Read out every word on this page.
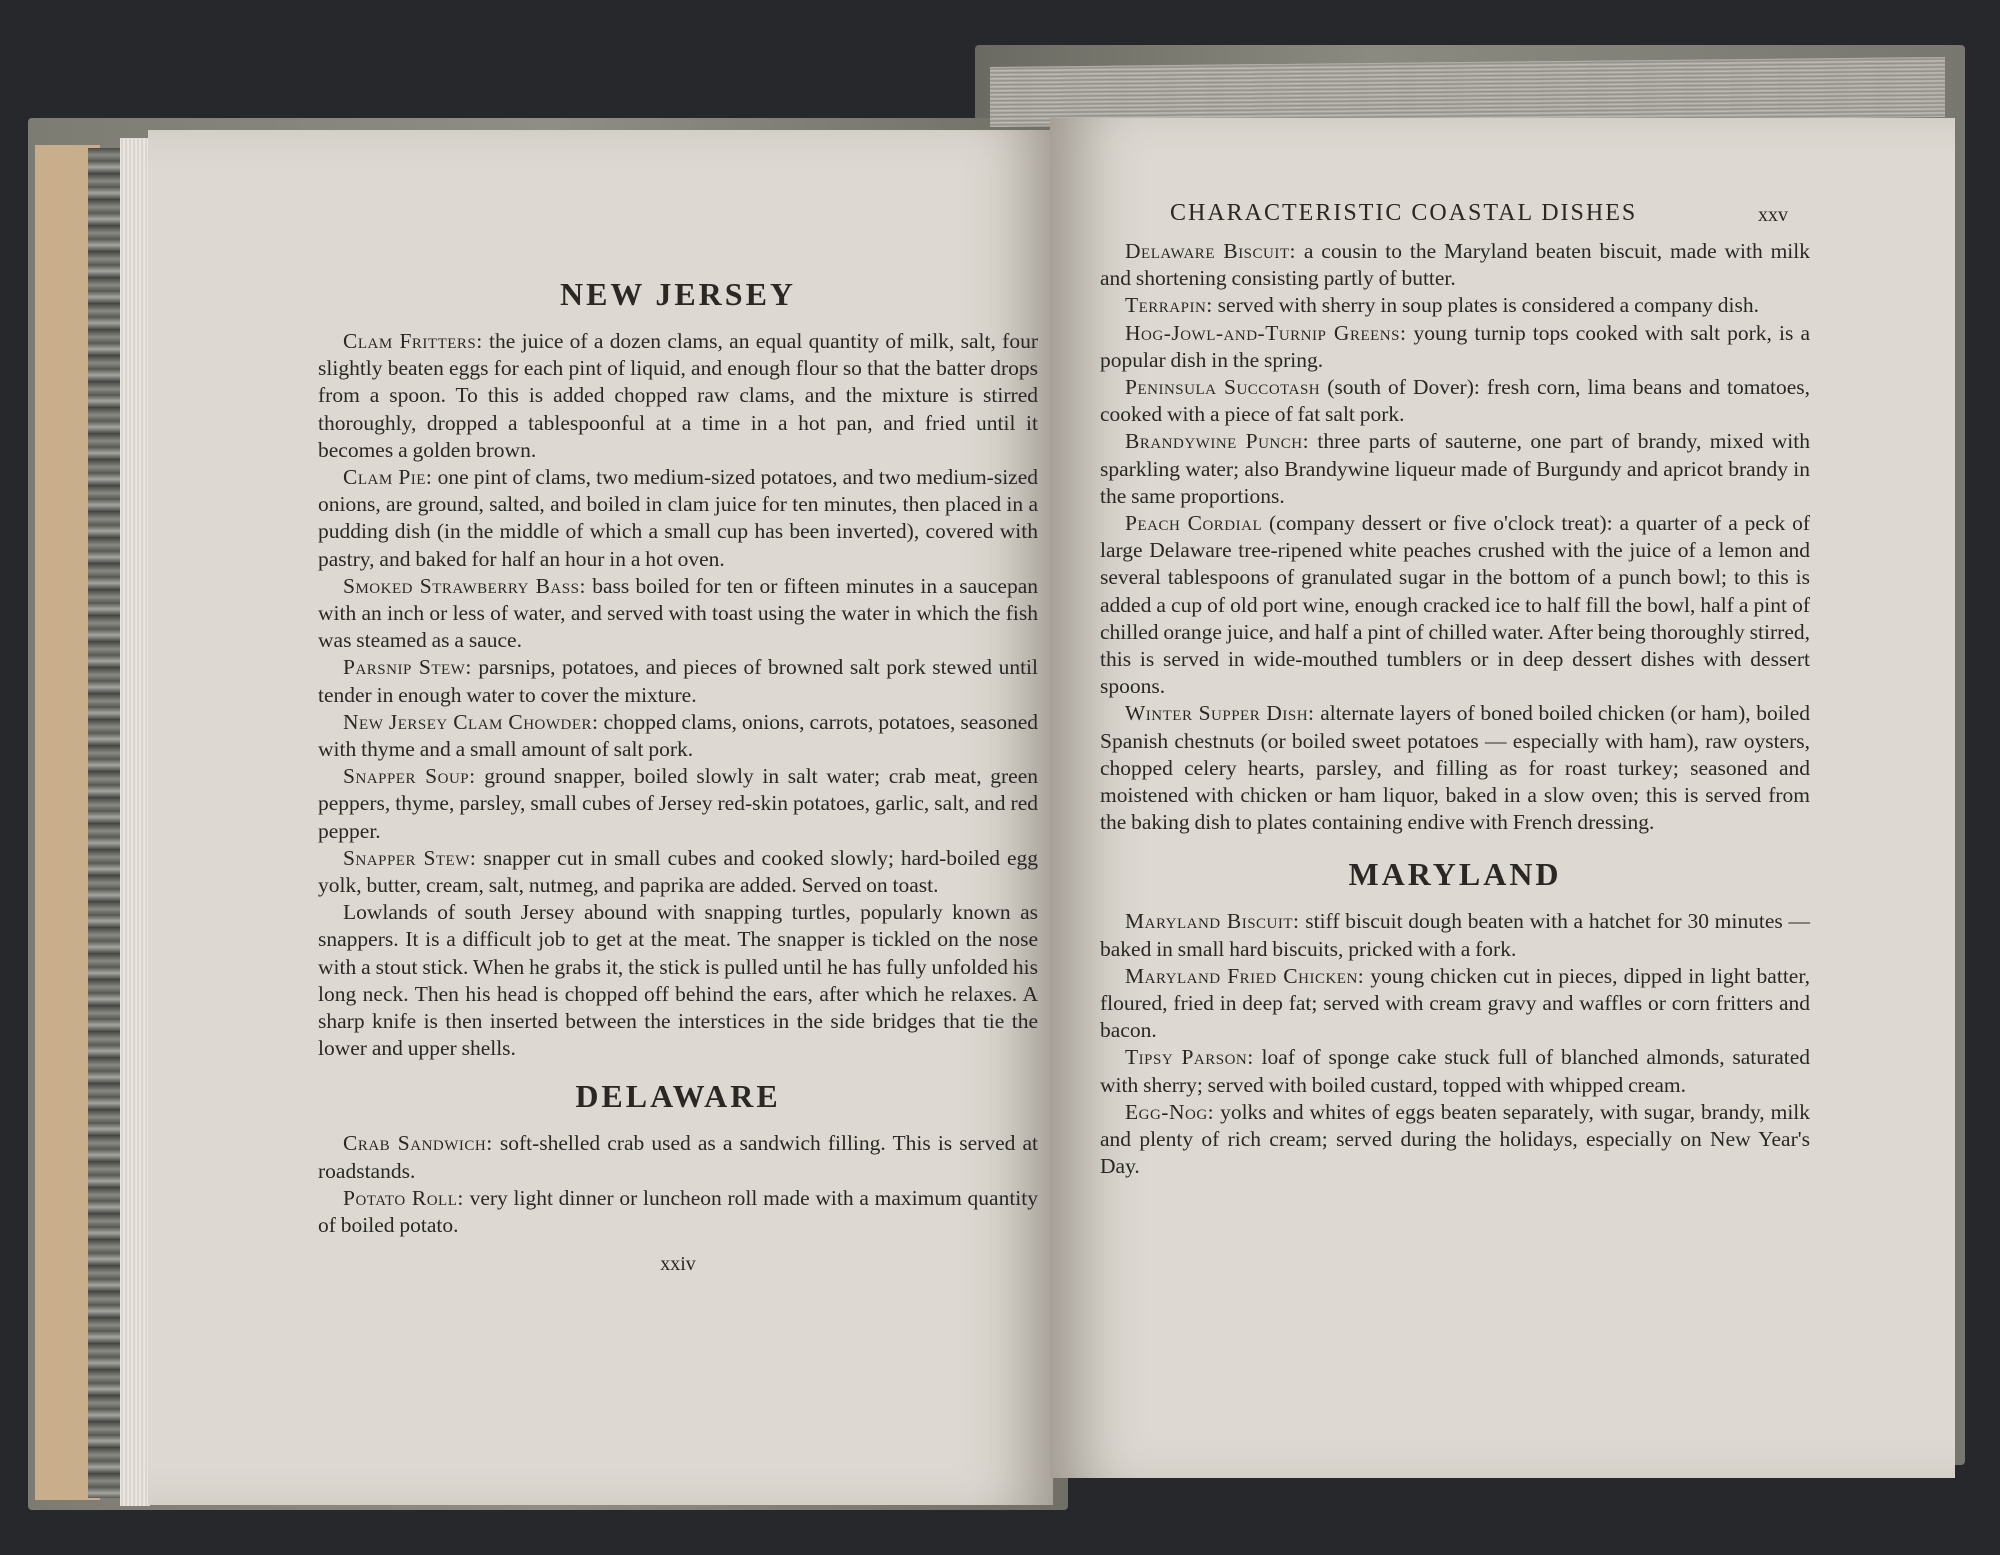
NEW JERSEY

Clam Fritters: the juice of a dozen clams, an equal quantity of milk, salt, four slightly beaten eggs for each pint of liquid, and enough flour so that the batter drops from a spoon. To this is added chopped raw clams, and the mixture is stirred thoroughly, dropped a tablespoonful at a time in a hot pan, and fried until it becomes a golden brown.

Clam Pie: one pint of clams, two medium-sized potatoes, and two medium-sized onions, are ground, salted, and boiled in clam juice for ten minutes, then placed in a pudding dish (in the middle of which a small cup has been inverted), covered with pastry, and baked for half an hour in a hot oven.

Smoked Strawberry Bass: bass boiled for ten or fifteen minutes in a saucepan with an inch or less of water, and served with toast using the water in which the fish was steamed as a sauce.

Parsnip Stew: parsnips, potatoes, and pieces of browned salt pork stewed until tender in enough water to cover the mixture.

New Jersey Clam Chowder: chopped clams, onions, carrots, potatoes, seasoned with thyme and a small amount of salt pork.

Snapper Soup: ground snapper, boiled slowly in salt water; crab meat, green peppers, thyme, parsley, small cubes of Jersey red-skin potatoes, garlic, salt, and red pepper.

Snapper Stew: snapper cut in small cubes and cooked slowly; hard-boiled egg yolk, butter, cream, salt, nutmeg, and paprika are added. Served on toast.

Lowlands of south Jersey abound with snapping turtles, popularly known as snappers. It is a difficult job to get at the meat. The snapper is tickled on the nose with a stout stick. When he grabs it, the stick is pulled until he has fully unfolded his long neck. Then his head is chopped off behind the ears, after which he relaxes. A sharp knife is then inserted between the interstices in the side bridges that tie the lower and upper shells.

DELAWARE

Crab Sandwich: soft-shelled crab used as a sandwich filling. This is served at roadstands.

Potato Roll: very light dinner or luncheon roll made with a maximum quantity of boiled potato.

xxiv
CHARACTERISTIC COASTAL DISHES	xxv

Delaware Biscuit: a cousin to the Maryland beaten biscuit, made with milk and shortening consisting partly of butter.

Terrapin: served with sherry in soup plates is considered a company dish.

Hog-Jowl-and-Turnip Greens: young turnip tops cooked with salt pork, is a popular dish in the spring.

Peninsula Succotash (south of Dover): fresh corn, lima beans and tomatoes, cooked with a piece of fat salt pork.

Brandywine Punch: three parts of sauterne, one part of brandy, mixed with sparkling water; also Brandywine liqueur made of Burgundy and apricot brandy in the same proportions.

Peach Cordial (company dessert or five o'clock treat): a quarter of a peck of large Delaware tree-ripened white peaches crushed with the juice of a lemon and several tablespoons of granulated sugar in the bottom of a punch bowl; to this is added a cup of old port wine, enough cracked ice to half fill the bowl, half a pint of chilled orange juice, and half a pint of chilled water. After being thoroughly stirred, this is served in wide-mouthed tumblers or in deep dessert dishes with dessert spoons.

Winter Supper Dish: alternate layers of boned boiled chicken (or ham), boiled Spanish chestnuts (or boiled sweet potatoes — especially with ham), raw oysters, chopped celery hearts, parsley, and filling as for roast turkey; seasoned and moistened with chicken or ham liquor, baked in a slow oven; this is served from the baking dish to plates containing endive with French dressing.

MARYLAND

Maryland Biscuit: stiff biscuit dough beaten with a hatchet for 30 minutes — baked in small hard biscuits, pricked with a fork.

Maryland Fried Chicken: young chicken cut in pieces, dipped in light batter, floured, fried in deep fat; served with cream gravy and waffles or corn fritters and bacon.

Tipsy Parson: loaf of sponge cake stuck full of blanched almonds, saturated with sherry; served with boiled custard, topped with whipped cream.

Egg-Nog: yolks and whites of eggs beaten separately, with sugar, brandy, milk and plenty of rich cream; served during the holidays, especially on New Year's Day.
